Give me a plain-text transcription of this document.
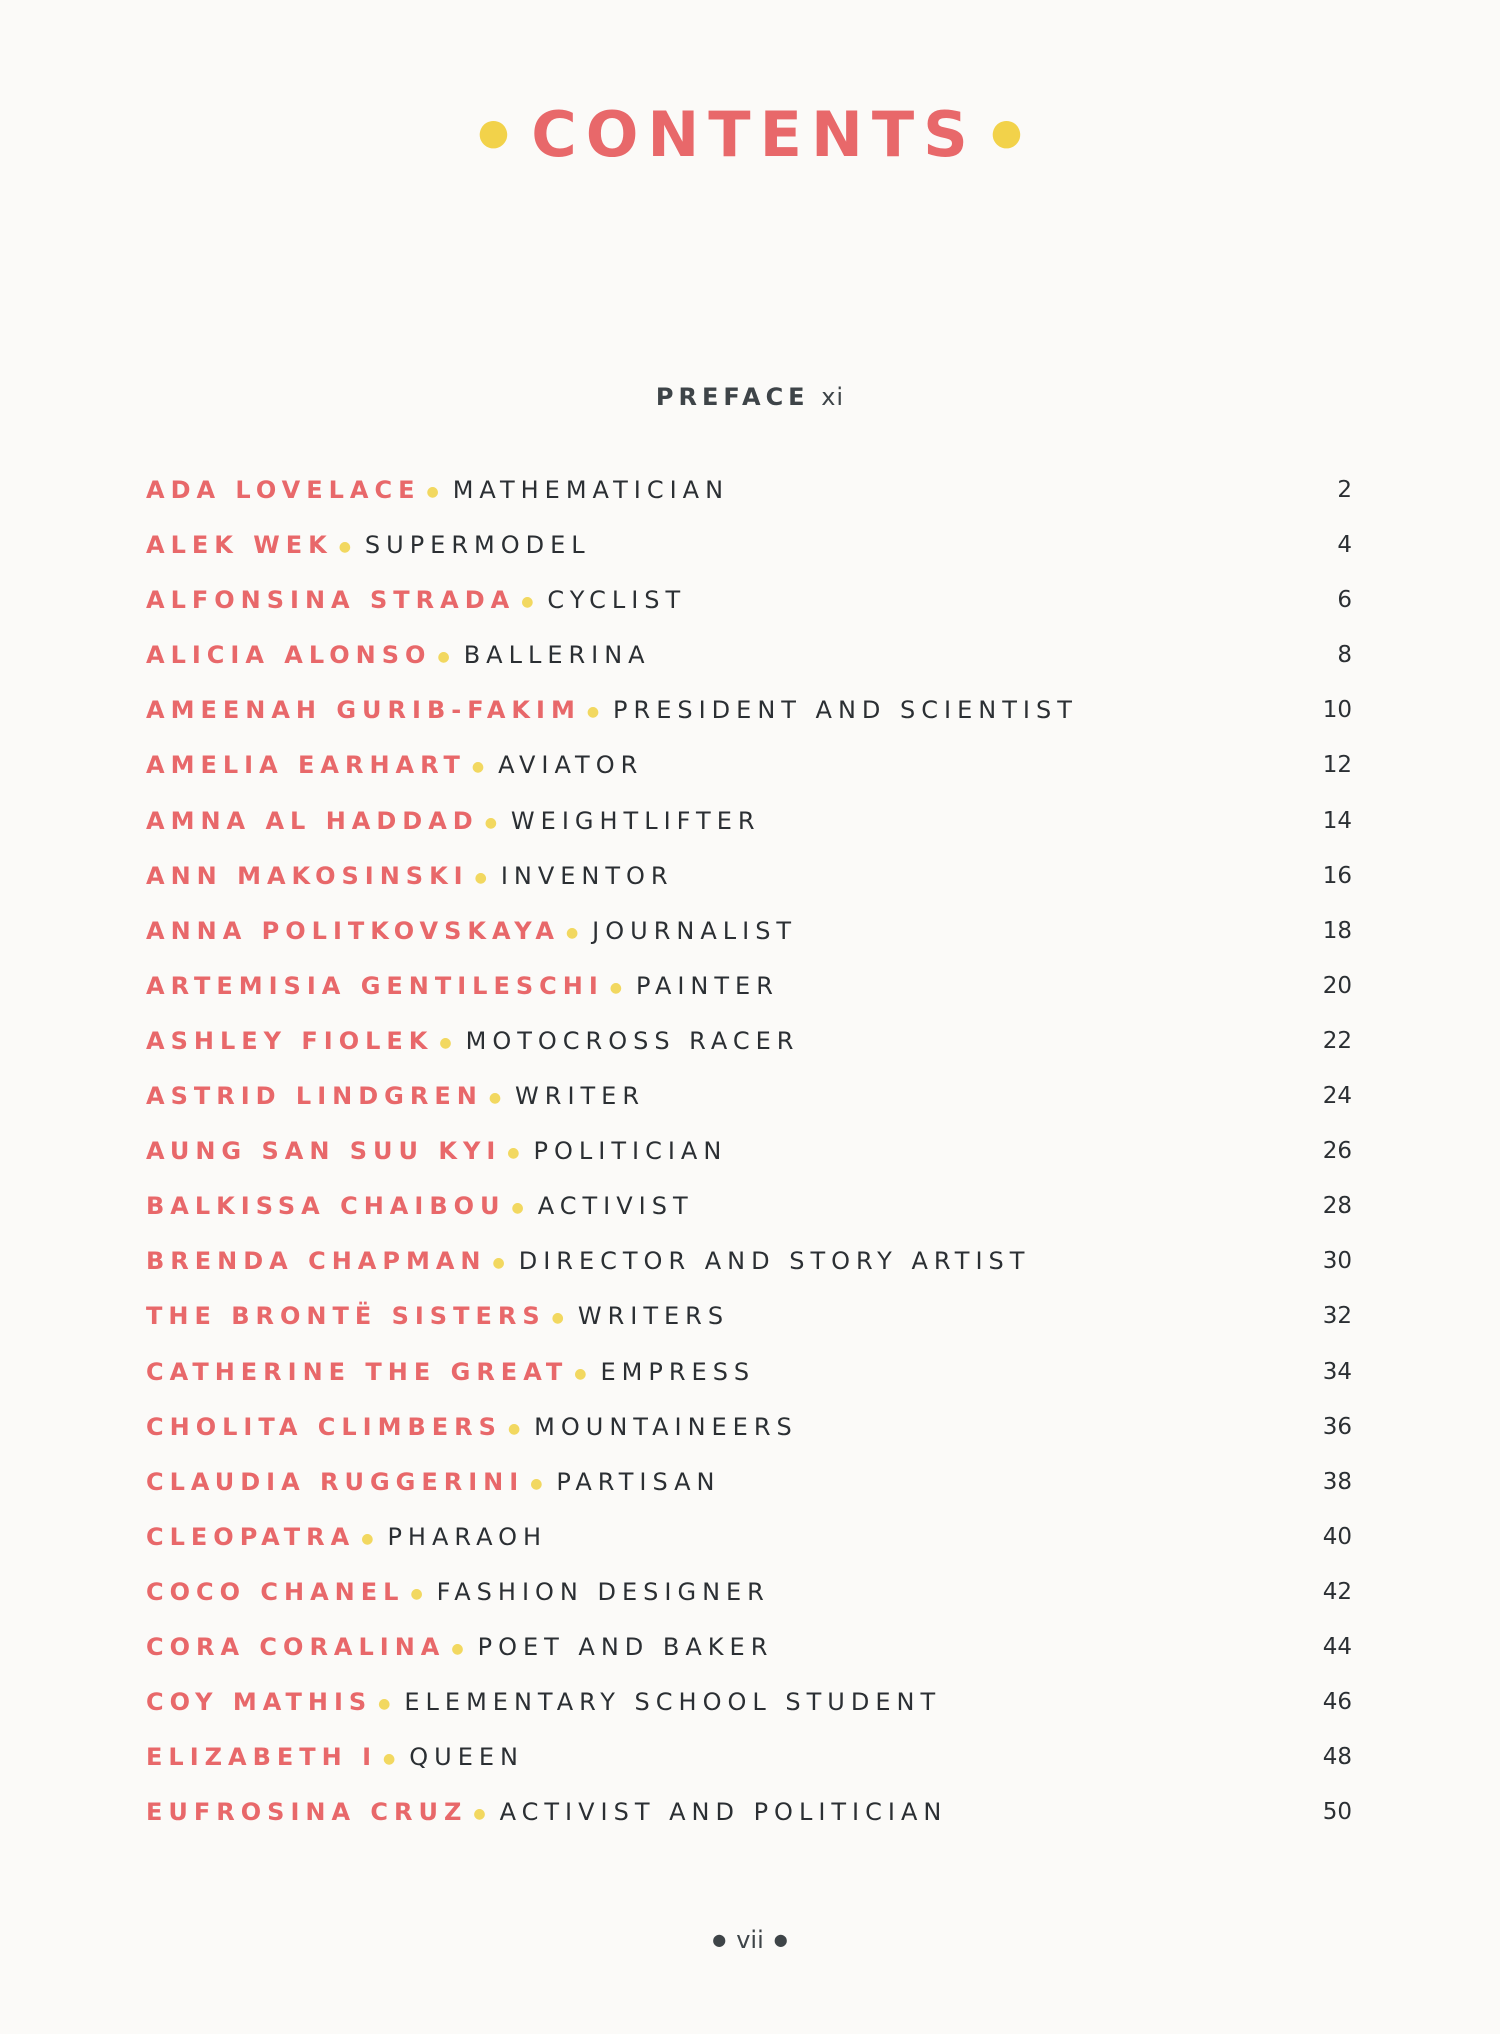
● CONTENTS ●
PREFACE xi
ADA LOVELACE ● MATHEMATICIAN	2
ALEK WEK ● SUPERMODEL	4
ALFONSINA STRADA ● CYCLIST	6
ALICIA ALONSO ● BALLERINA	8
AMEENAH GURIB-FAKIM ● PRESIDENT AND SCIENTIST	10
AMELIA EARHART ● AVIATOR	12
AMNA AL HADDAD ● WEIGHTLIFTER	14
ANN MAKOSINSKI ● INVENTOR	16
ANNA POLITKOVSKAYA ● JOURNALIST	18
ARTEMISIA GENTILESCHI ● PAINTER	20
ASHLEY FIOLEK ● MOTOCROSS RACER	22
ASTRID LINDGREN ● WRITER	24
AUNG SAN SUU KYI ● POLITICIAN	26
BALKISSA CHAIBOU ● ACTIVIST	28
BRENDA CHAPMAN ● DIRECTOR AND STORY ARTIST	30
THE BRONTË SISTERS ● WRITERS	32
CATHERINE THE GREAT ● EMPRESS	34
CHOLITA CLIMBERS ● MOUNTAINEERS	36
CLAUDIA RUGGERINI ● PARTISAN	38
CLEOPATRA ● PHARAOH	40
COCO CHANEL ● FASHION DESIGNER	42
CORA CORALINA ● POET AND BAKER	44
COY MATHIS ● ELEMENTARY SCHOOL STUDENT	46
ELIZABETH I ● QUEEN	48
EUFROSINA CRUZ ● ACTIVIST AND POLITICIAN	50
● vii ●
